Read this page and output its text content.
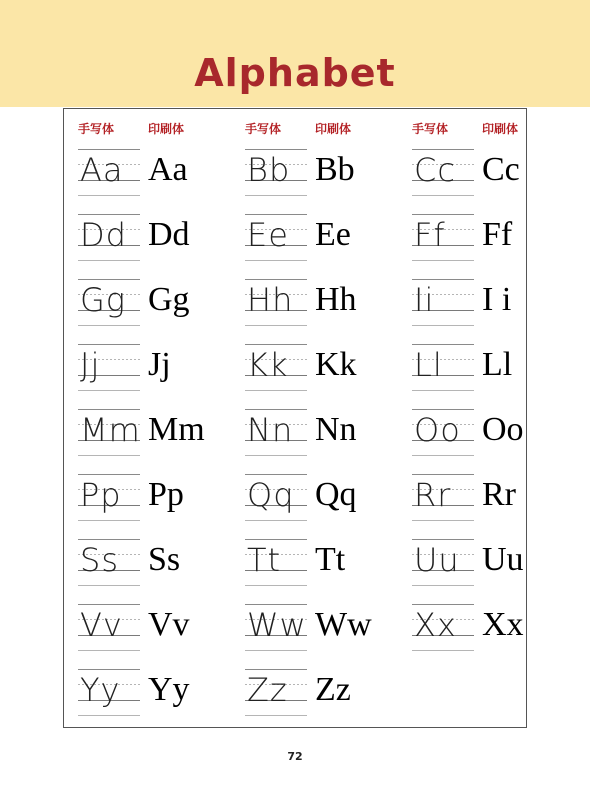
Alphabet
手写体	印刷体	手写体	印刷体	手写体	印刷体
Aa Aa Bb Bb Cc Cc
Dd Dd Ee Ee Ff	Ff
Gg Gg Hh Hh Ii	I i
Jj	Jj Kk Kk Ll	Ll
Mm Mm Nn Nn Oo Oo
Pp Pp Qq Qq Rr Rr
Ss Ss Tt Tt Uu Uu
Vv Vv Ww Ww Xx Xx
Yy Yy Zz Zz
72
